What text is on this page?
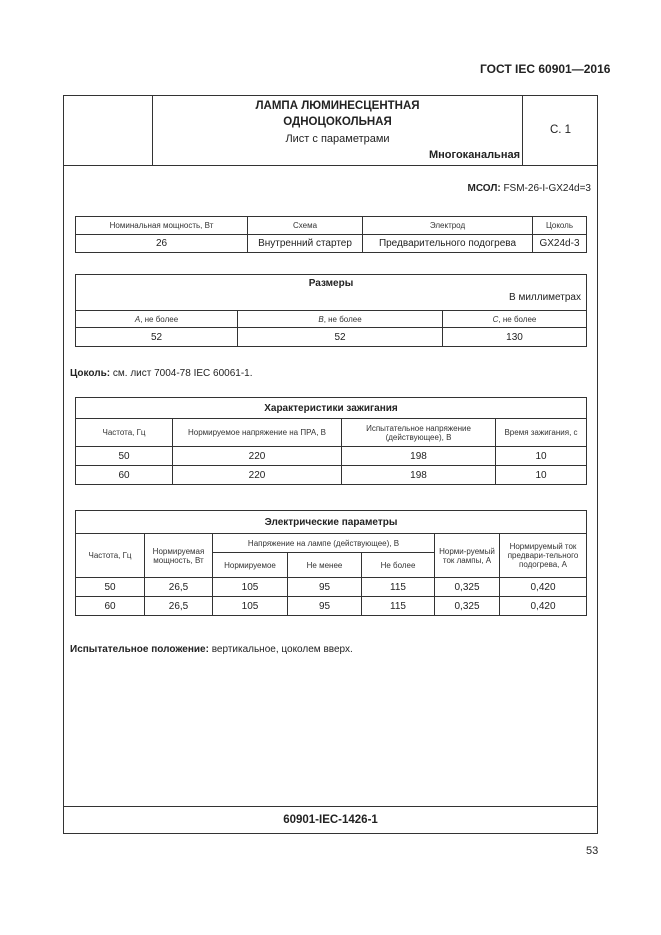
ГОСТ IEC 60901—2016
С. 1
ЛАМПА ЛЮМИНЕСЦЕНТНАЯ
ОДНОЦОКОЛЬНАЯ
Лист с параметрами
Многоканальная
МСОЛ: FSM-26-I-GX24d=3
Номинальная мощность, Вт	Схема	Электрод	Цоколь
26	Внутренний стартер	Предварительного подогрева	GX24d-3
Размеры
В миллиметрах		

A, не более	B, не более	C, не более
52	52	130
Цоколь: см. лист 7004-78 IEC 60061-1.
Характеристики зажигания			
Частота, Гц	Нормируемое напряжение на ПРА, В	Испытательное напряжение (действующее), В	Время зажигания, с
50	220	198	10
60	220	198	10
Электрические параметры						
Частота, Гц	Нормируемая мощность, Вт	Напряжение на лампе (действующее), В			Норми-руемый ток лампы, А	Нормируемый ток предвари-тельного подогрева, А
		Нормируемое	Не менее	Не более		
50	26,5	105	95	115	0,325	0,420
60	26,5	105	95	115	0,325	0,420
Испытательное положение: вертикальное, цоколем вверх.
60901-IEC-1426-1
53
